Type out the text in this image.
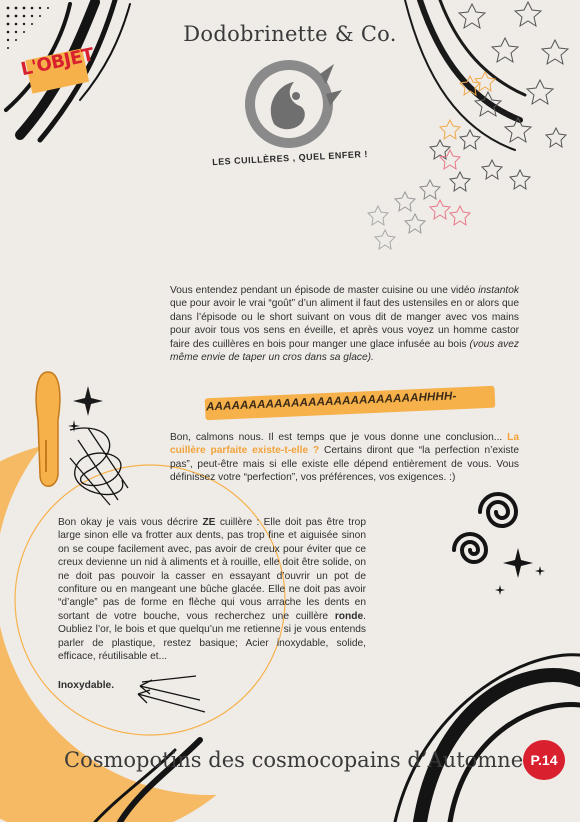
L'OBJET
LES CUILLÈRES , QUEL ENFER !
Dodobrinette & Co.
Vous entendez pendant un épisode de master cuisine ou une vidéo instantok que pour avoir le vrai “goût” d’un aliment il faut des ustensiles en or alors que dans l’épisode ou le short suivant on vous dit de manger avec vos mains pour avoir tous vos sens en éveille, et après vous voyez un homme castor faire des cuillères en bois pour manger une glace infusée au bois (vous avez même envie de taper un cros dans sa glace).
AAAAAAAAAAAAAAAAAAAAAAAAAHHHH-
Bon, calmons nous. Il est temps que je vous donne une conclusion... La cuillère parfaite existe-t-elle ? Certains diront que “la perfection n’existe pas”, peut-être mais si elle existe elle dépend entièrement de vous. Vous définissez votre “perfection”, vos préférences, vos exigences. :)
Bon okay je vais vous décrire ZE cuillère : Elle doit pas être trop large sinon elle va frotter aux dents, pas trop fine et aiguisée sinon on se coupe facilement avec, pas avoir de creux pour éviter que ce creux devienne un nid à aliments et à rouille, elle doit être solide, on ne doit pas pouvoir la casser en essayant d’ouvrir un pot de confiture ou en mangeant une bûche glacée. Elle ne doit pas avoir “d’angle” pas de forme en flèche qui vous arrache les dents en sortant de votre bouche, vous recherchez une cuillère ronde. Oubliez l’or, le bois et que quelqu’un me retienne si je vous entends parler de plastique, restez basique; Acier inoxydable, solide, efficace, réutilisable et...
Inoxydable.
Cosmopotins des cosmocopains d’Automne P.14
